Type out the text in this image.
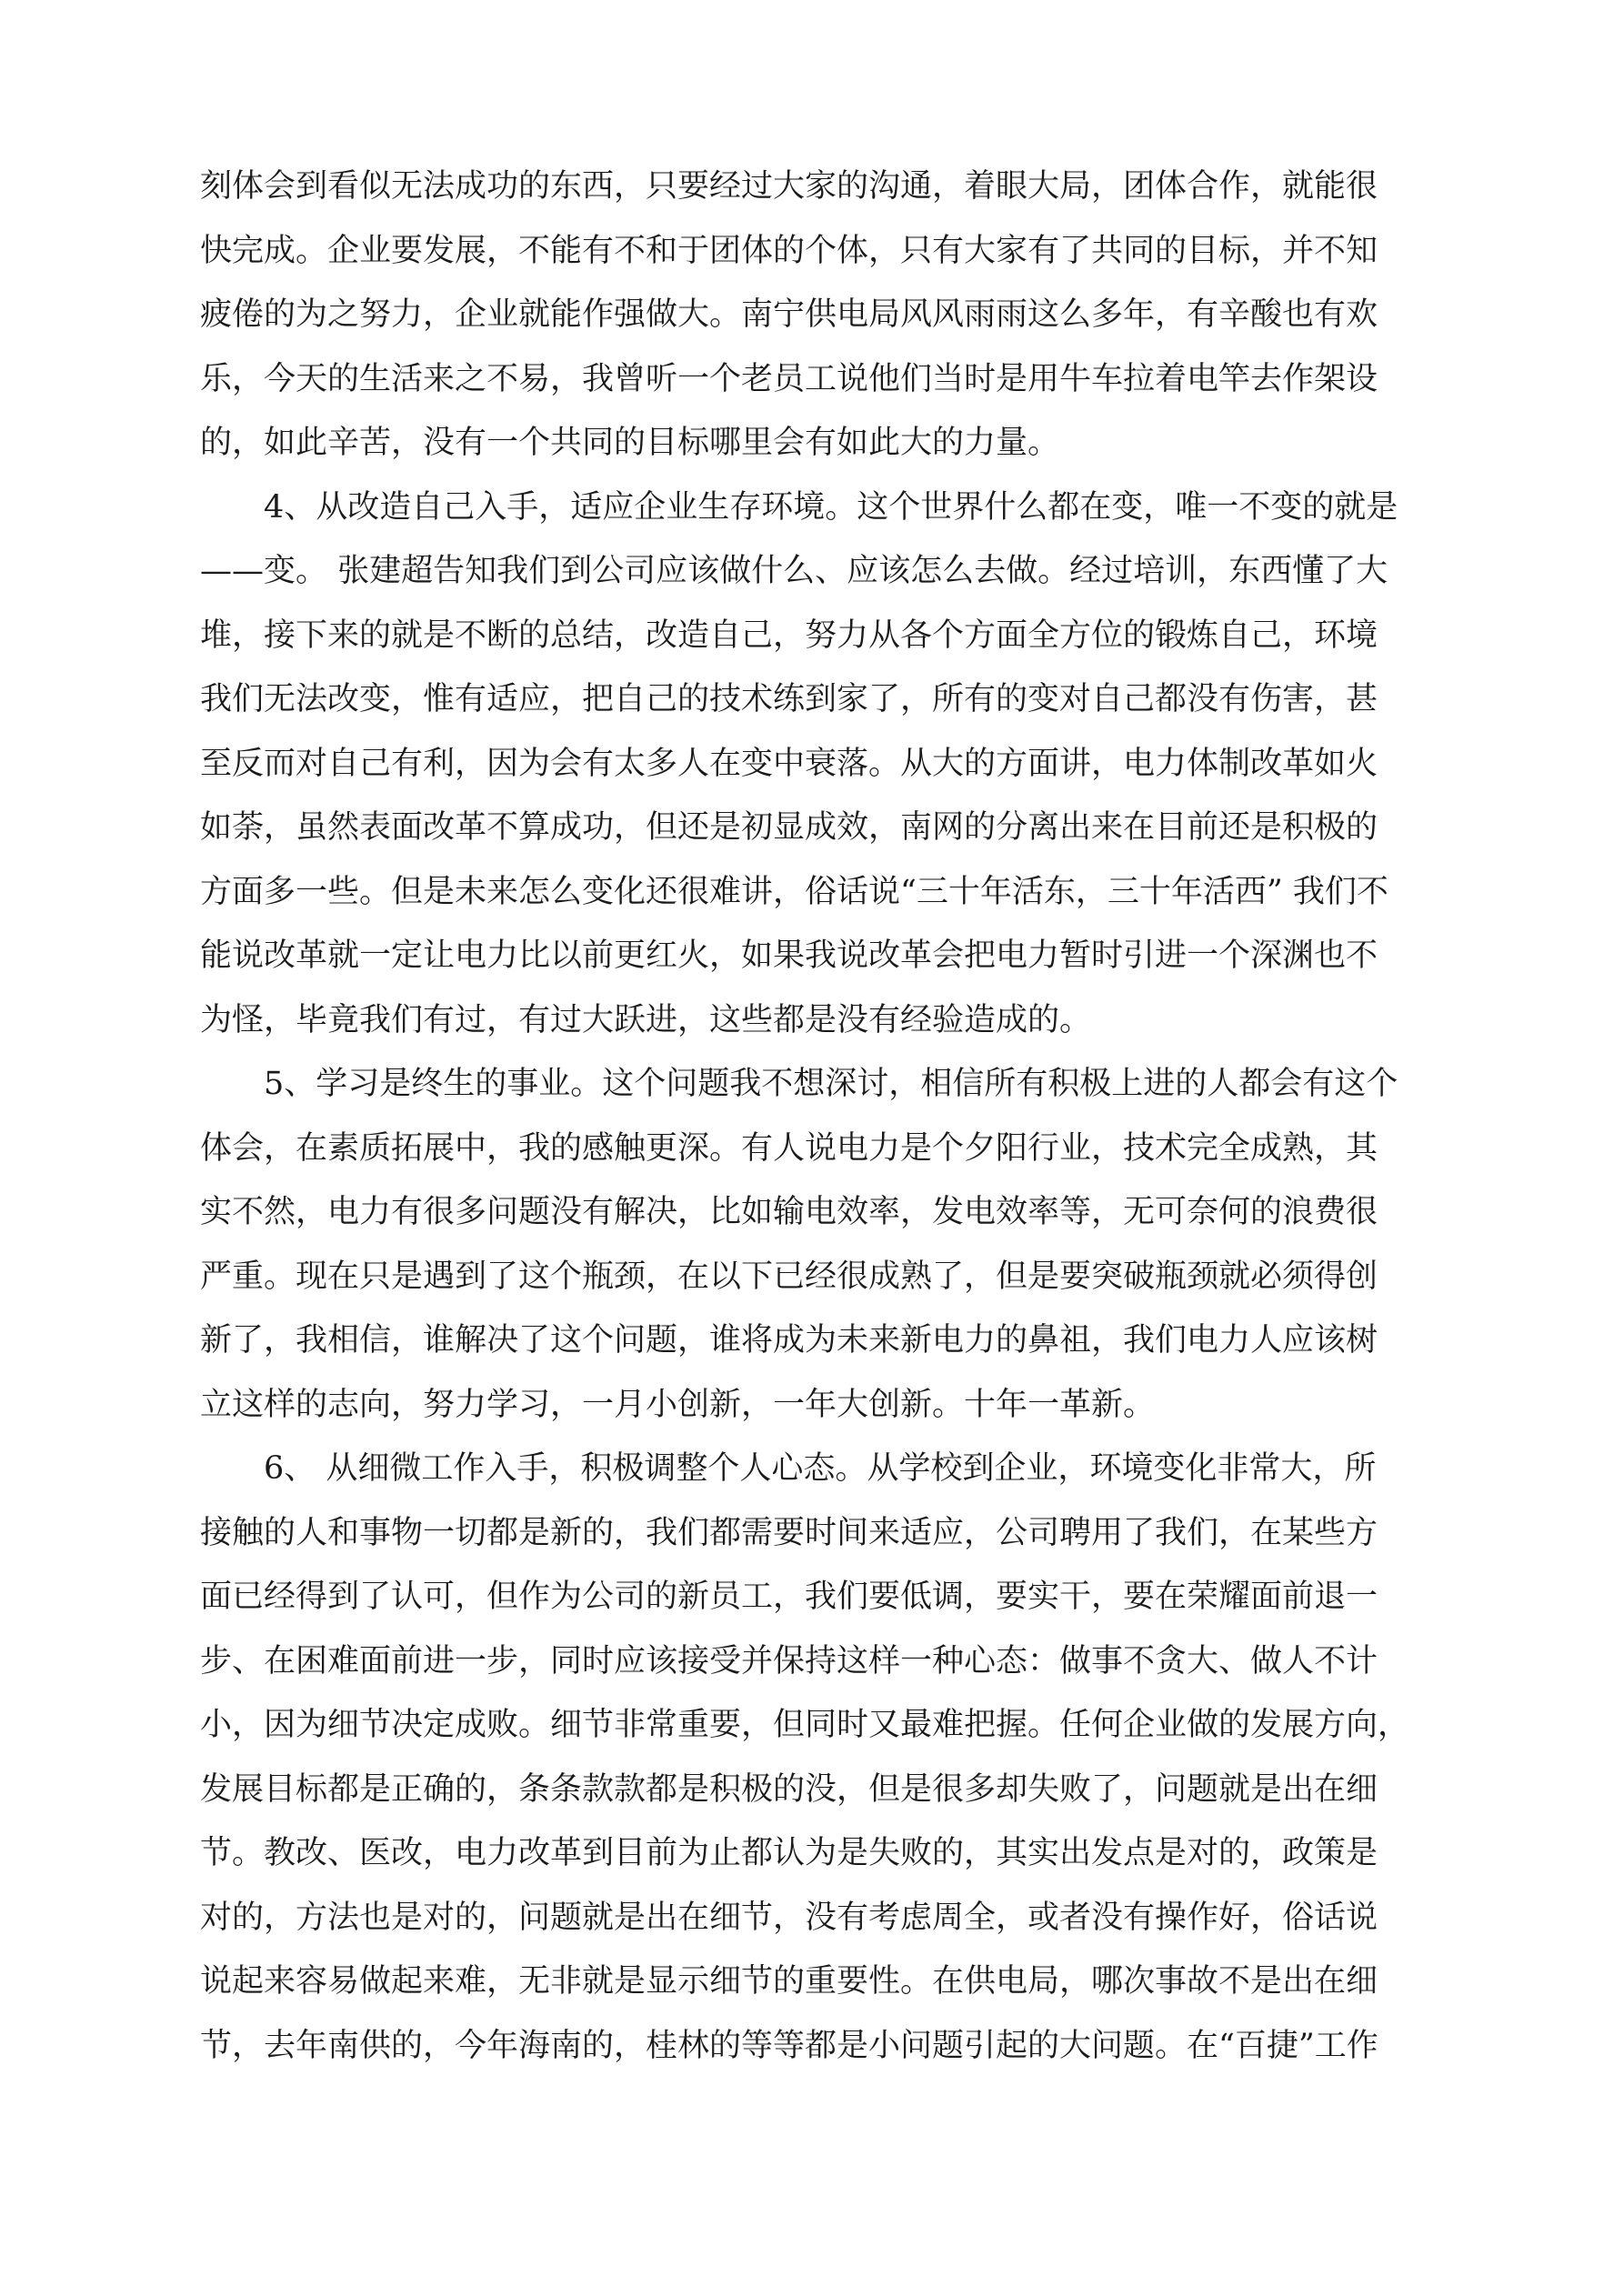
刻体会到看似无法成功的东西，只要经过大家的沟通，着眼大局，团体合作，就能很
快完成。企业要发展，不能有不和于团体的个体，只有大家有了共同的目标，并不知
疲倦的为之努力，企业就能作强做大。南宁供电局风风雨雨这么多年，有辛酸也有欢
乐，今天的生活来之不易，我曾听一个老员工说他们当时是用牛车拉着电竿去作架设
的，如此辛苦，没有一个共同的目标哪里会有如此大的力量。
　　4、从改造自己入手，适应企业生存环境。这个世界什么都在变，唯一不变的就是
——变。 张建超告知我们到公司应该做什么、应该怎么去做。经过培训，东西懂了大
堆，接下来的就是不断的总结，改造自己，努力从各个方面全方位的锻炼自己，环境
我们无法改变，惟有适应，把自己的技术练到家了，所有的变对自己都没有伤害，甚
至反而对自己有利，因为会有太多人在变中衰落。从大的方面讲，电力体制改革如火
如荼，虽然表面改革不算成功，但还是初显成效，南网的分离出来在目前还是积极的
方面多一些。但是未来怎么变化还很难讲，俗话说“三十年活东，三十年活西” 我们不
能说改革就一定让电力比以前更红火，如果我说改革会把电力暂时引进一个深渊也不
为怪，毕竟我们有过，有过大跃进，这些都是没有经验造成的。
　　5、学习是终生的事业。这个问题我不想深讨，相信所有积极上进的人都会有这个
体会，在素质拓展中，我的感触更深。有人说电力是个夕阳行业，技术完全成熟，其
实不然，电力有很多问题没有解决，比如输电效率，发电效率等，无可奈何的浪费很
严重。现在只是遇到了这个瓶颈，在以下已经很成熟了，但是要突破瓶颈就必须得创
新了，我相信，谁解决了这个问题，谁将成为未来新电力的鼻祖，我们电力人应该树
立这样的志向，努力学习，一月小创新，一年大创新。十年一革新。
　　6、 从细微工作入手，积极调整个人心态。从学校到企业，环境变化非常大，所
接触的人和事物一切都是新的，我们都需要时间来适应，公司聘用了我们，在某些方
面已经得到了认可，但作为公司的新员工，我们要低调，要实干，要在荣耀面前退一
步、在困难面前进一步，同时应该接受并保持这样一种心态：做事不贪大、做人不计
小，因为细节决定成败。细节非常重要，但同时又最难把握。任何企业做的发展方向，
发展目标都是正确的，条条款款都是积极的没，但是很多却失败了，问题就是出在细
节。教改、医改，电力改革到目前为止都认为是失败的，其实出发点是对的，政策是
对的，方法也是对的，问题就是出在细节，没有考虑周全，或者没有操作好，俗话说
说起来容易做起来难，无非就是显示细节的重要性。在供电局，哪次事故不是出在细
节，去年南供的，今年海南的，桂林的等等都是小问题引起的大问题。在“百捷”工作
